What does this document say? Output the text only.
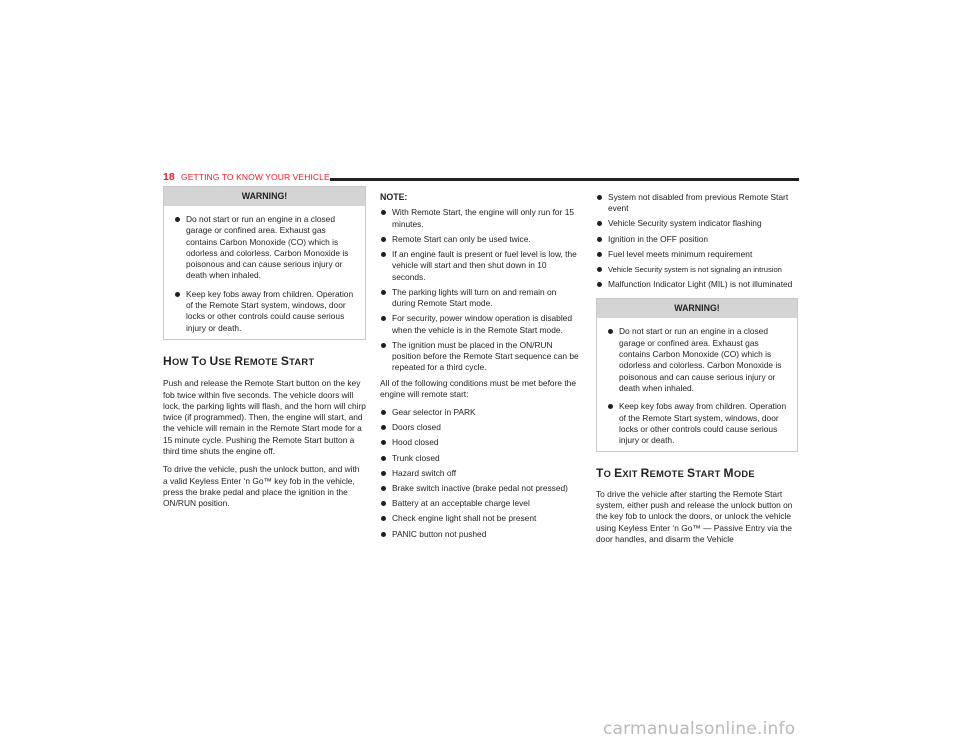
18 GETTING TO KNOW YOUR VEHICLE
WARNING!
Do not start or run an engine in a closed garage or confined area. Exhaust gas contains Carbon Monoxide (CO) which is odorless and colorless. Carbon Monoxide is poisonous and can cause serious injury or death when inhaled.
Keep key fobs away from children. Operation of the Remote Start system, windows, door locks or other controls could cause serious injury or death.
HOW TO USE REMOTE START

Push and release the Remote Start button on the key fob twice within five seconds. The vehicle doors will lock, the parking lights will flash, and the horn will chirp twice (if programmed). Then, the engine will start, and the vehicle will remain in the Remote Start mode for a 15 minute cycle. Pushing the Remote Start button a third time shuts the engine off.

To drive the vehicle, push the unlock button, and with a valid Keyless Enter ‘n Go™ key fob in the vehicle, press the brake pedal and place the ignition in the ON/RUN position.

NOTE:
With Remote Start, the engine will only run for 15 minutes.
Remote Start can only be used twice.
If an engine fault is present or fuel level is low, the vehicle will start and then shut down in 10 seconds.
The parking lights will turn on and remain on during Remote Start mode.
For security, power window operation is disabled when the vehicle is in the Remote Start mode.
The ignition must be placed in the ON/RUN position before the Remote Start sequence can be repeated for a third cycle.

All of the following conditions must be met before the engine will remote start:

Gear selector in PARK
Doors closed
Hood closed
Trunk closed
Hazard switch off
Brake switch inactive (brake pedal not pressed)
Battery at an acceptable charge level
Check engine light shall not be present
PANIC button not pushed
System not disabled from previous Remote Start event
Vehicle Security system indicator flashing
Ignition in the OFF position
Fuel level meets minimum requirement
Vehicle Security system is not signaling an intrusion
Malfunction Indicator Light (MIL) is not illuminated
WARNING!
Do not start or run an engine in a closed garage or confined area. Exhaust gas contains Carbon Monoxide (CO) which is odorless and colorless. Carbon Monoxide is poisonous and can cause serious injury or death when inhaled.
Keep key fobs away from children. Operation of the Remote Start system, windows, door locks or other controls could cause serious injury or death.
TO EXIT REMOTE START MODE

To drive the vehicle after starting the Remote Start system, either push and release the unlock button on the key fob to unlock the doors, or unlock the vehicle using Keyless Enter ‘n Go™ — Passive Entry via the door handles, and disarm the Vehicle

carmanualsonline.info
